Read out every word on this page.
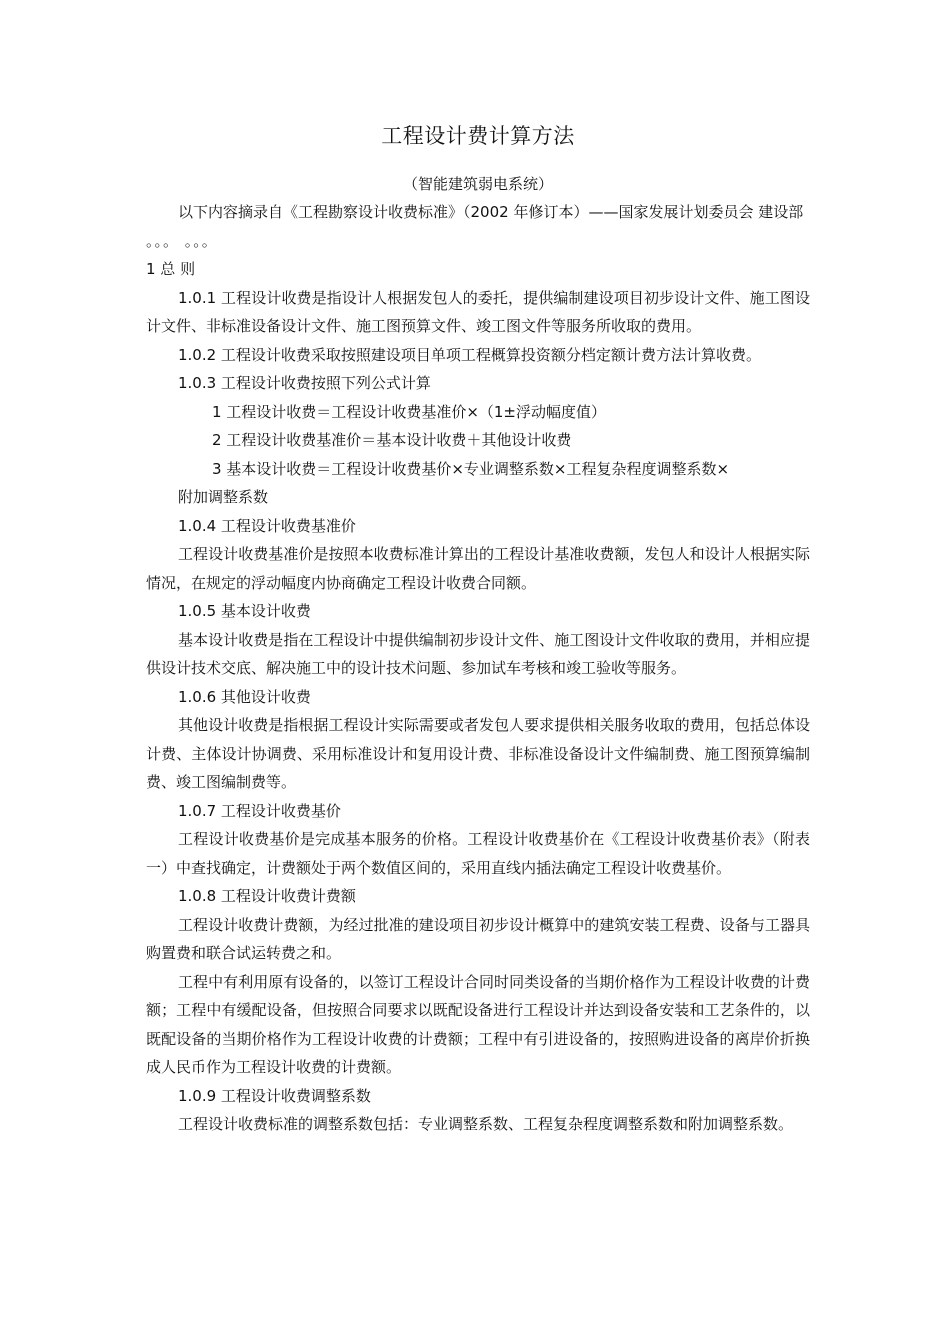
工程设计费计算方法

（智能建筑弱电系统）

以下内容摘录自《工程勘察设计收费标准》（2002 年修订本）——国家发展计划委员会 建设部

。。。 。。。

1 总 则

1.0.1 工程设计收费是指设计人根据发包人的委托，提供编制建设项目初步设计文件、施工图设计文件、非标准设备设计文件、施工图预算文件、竣工图文件等服务所收取的费用。

1.0.2 工程设计收费采取按照建设项目单项工程概算投资额分档定额计费方法计算收费。

1.0.3 工程设计收费按照下列公式计算

1 工程设计收费＝工程设计收费基准价×（1±浮动幅度值）

2 工程设计收费基准价＝基本设计收费＋其他设计收费

3 基本设计收费＝工程设计收费基价×专业调整系数×工程复杂程度调整系数×

附加调整系数

1.0.4 工程设计收费基准价

工程设计收费基准价是按照本收费标准计算出的工程设计基准收费额，发包人和设计人根据实际情况，在规定的浮动幅度内协商确定工程设计收费合同额。

1.0.5 基本设计收费

基本设计收费是指在工程设计中提供编制初步设计文件、施工图设计文件收取的费用，并相应提供设计技术交底、解决施工中的设计技术问题、参加试车考核和竣工验收等服务。

1.0.6 其他设计收费

其他设计收费是指根据工程设计实际需要或者发包人要求提供相关服务收取的费用，包括总体设计费、主体设计协调费、采用标准设计和复用设计费、非标准设备设计文件编制费、施工图预算编制费、竣工图编制费等。

1.0.7 工程设计收费基价

工程设计收费基价是完成基本服务的价格。工程设计收费基价在《工程设计收费基价表》（附表一）中查找确定，计费额处于两个数值区间的，采用直线内插法确定工程设计收费基价。

1.0.8 工程设计收费计费额

工程设计收费计费额，为经过批准的建设项目初步设计概算中的建筑安装工程费、设备与工器具购置费和联合试运转费之和。

工程中有利用原有设备的，以签订工程设计合同时同类设备的当期价格作为工程设计收费的计费额；工程中有缓配设备，但按照合同要求以既配设备进行工程设计并达到设备安装和工艺条件的，以既配设备的当期价格作为工程设计收费的计费额；工程中有引进设备的，按照购进设备的离岸价折换成人民币作为工程设计收费的计费额。

1.0.9 工程设计收费调整系数

工程设计收费标准的调整系数包括：专业调整系数、工程复杂程度调整系数和附加调整系数。
